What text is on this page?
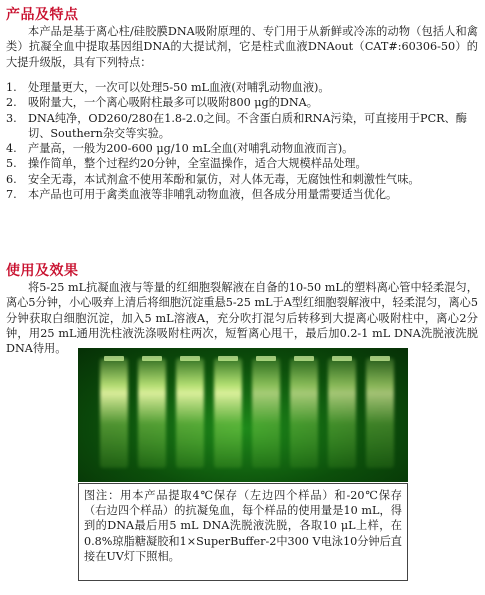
产品及特点

本产品是基于离心柱/硅胶膜DNA吸附原理的、专门用于从新鲜或冷冻的动物（包括人和禽类）抗凝全血中提取基因组DNA的大提试剂，它是柱式血液DNAout（CAT#:60306-50）的大提升级版，具有下列特点：

1.	处理量更大，一次可以处理5-50 mL血液(对哺乳动物血液)。
2.	吸附量大，一个离心吸附柱最多可以吸附800 μg的DNA。
3.	DNA纯净，OD260/280在1.8-2.0之间。不含蛋白质和RNA污染，可直接用于PCR、酶切、Southern杂交等实验。
4.	产量高，一般为200-600 μg/10 mL全血(对哺乳动物血液而言)。
5.	操作简单，整个过程约20分钟，全室温操作，适合大规模样品处理。
6.	安全无毒，本试剂盒不使用苯酚和氯仿，对人体无毒，无腐蚀性和刺激性气味。
7.	本产品也可用于禽类血液等非哺乳动物血液，但各成分用量需要适当优化。
使用及效果

将5-25 mL抗凝血液与等量的红细胞裂解液在自备的10-50 mL的塑料离心管中轻柔混匀，离心5分钟，小心吸弃上清后将细胞沉淀重悬5-25 mL于A型红细胞裂解液中，轻柔混匀，离心5分钟获取白细胞沉淀，加入5 mL溶液A，充分吹打混匀后转移到大提离心吸附柱中，离心2分钟，用25 mL通用洗柱液洗涤吸附柱两次，短暂离心甩干，最后加0.2-1 mL DNA洗脱液洗脱DNA待用。

图注：用本产品提取4℃保存（左边四个样品）和-20℃保存（右边四个样品）的抗凝兔血，每个样品的使用量是10 mL，得到的DNA最后用5 mL DNA洗脱液洗脱，各取10 μL上样，在0.8%琼脂糖凝胶和1×SuperBuffer-2中300 V电泳10分钟后直接在UV灯下照相。
